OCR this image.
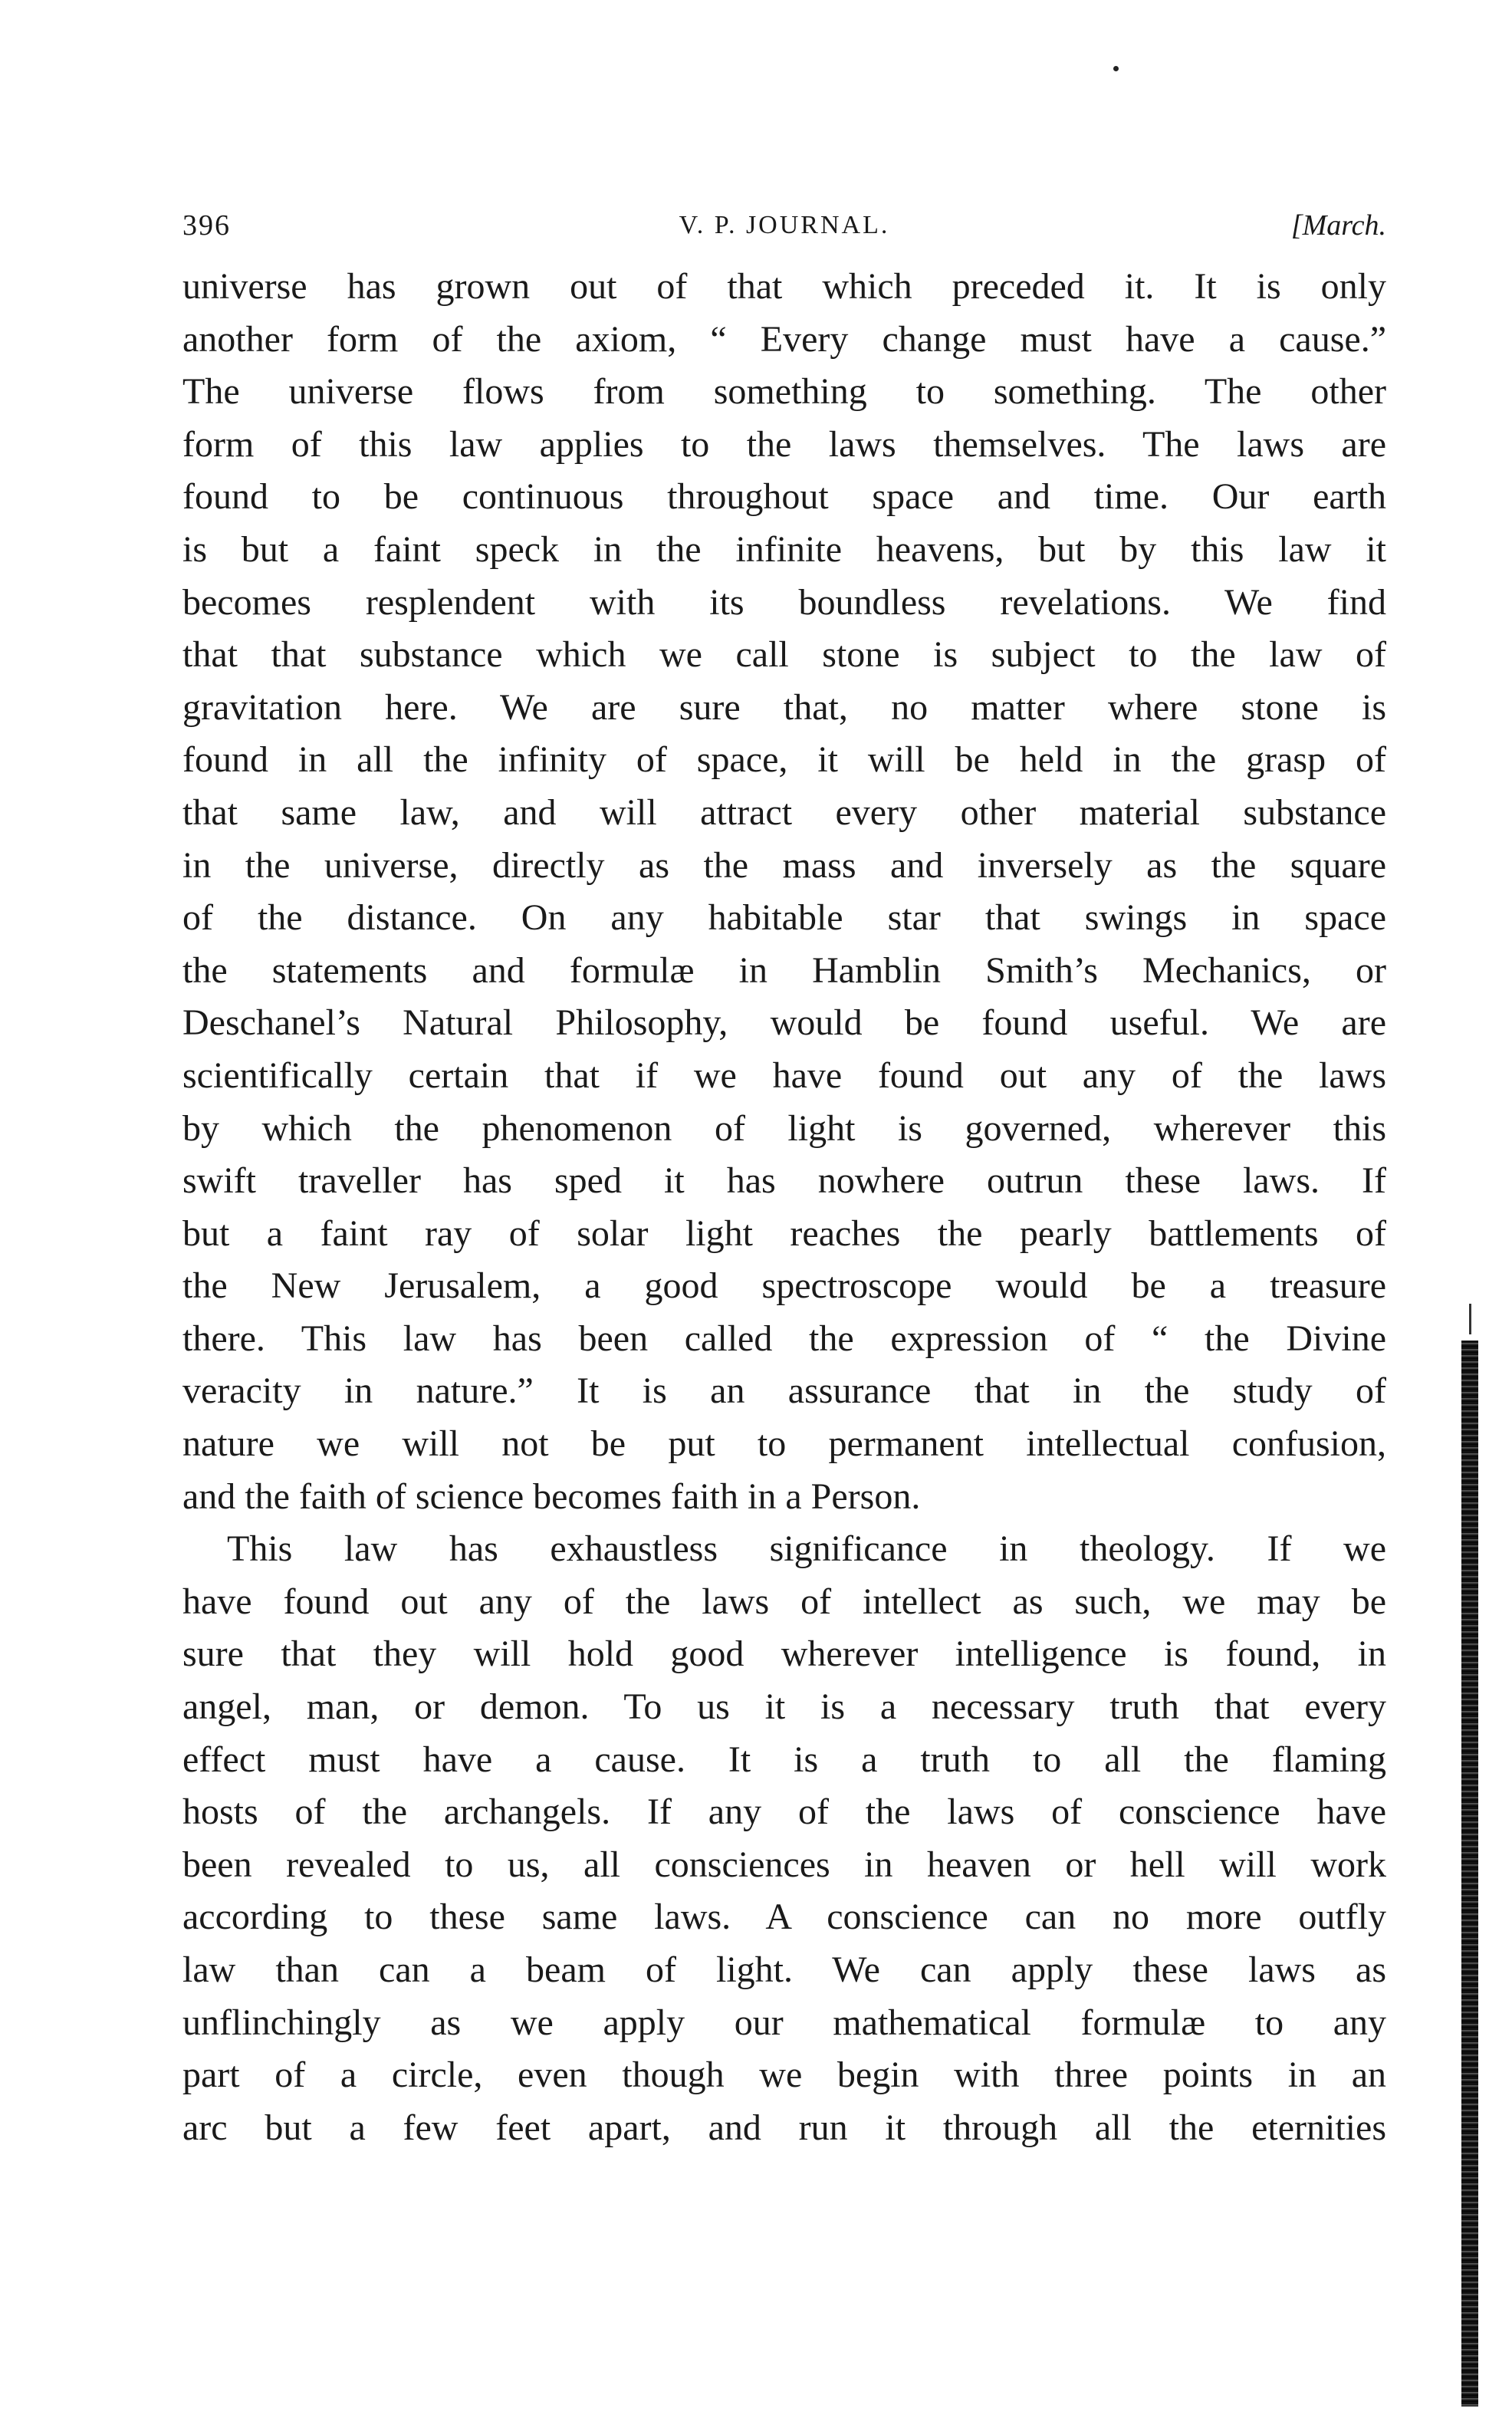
396	V. P. JOURNAL.	[March.
universe has grown out of that which preceded it. It is only
another form of the axiom, “ Every change must have a cause.”
The universe flows from something to something. The other
form of this law applies to the laws themselves. The laws are
found to be continuous throughout space and time. Our earth
is but a faint speck in the infinite heavens, but by this law it
becomes resplendent with its boundless revelations. We find
that that substance which we call stone is subject to the law of
gravitation here. We are sure that, no matter where stone is
found in all the infinity of space, it will be held in the grasp of
that same law, and will attract every other material substance
in the universe, directly as the mass and inversely as the square
of the distance. On any habitable star that swings in space
the statements and formulæ in Hamblin Smith’s Mechanics, or
Deschanel’s Natural Philosophy, would be found useful. We are
scientifically certain that if we have found out any of the laws
by which the phenomenon of light is governed, wherever this
swift traveller has sped it has nowhere outrun these laws. If
but a faint ray of solar light reaches the pearly battlements of
the New Jerusalem, a good spectroscope would be a treasure
there. This law has been called the expression of “ the Divine
veracity in nature.” It is an assurance that in the study of
nature we will not be put to permanent intellectual confusion,
and the faith of science becomes faith in a Person.
This law has exhaustless significance in theology. If we
have found out any of the laws of intellect as such, we may be
sure that they will hold good wherever intelligence is found, in
angel, man, or demon. To us it is a necessary truth that every
effect must have a cause. It is a truth to all the flaming
hosts of the archangels. If any of the laws of conscience have
been revealed to us, all consciences in heaven or hell will work
according to these same laws. A conscience can no more outfly
law than can a beam of light. We can apply these laws as
unflinchingly as we apply our mathematical formulæ to any
part of a circle, even though we begin with three points in an
arc but a few feet apart, and run it through all the eternities
